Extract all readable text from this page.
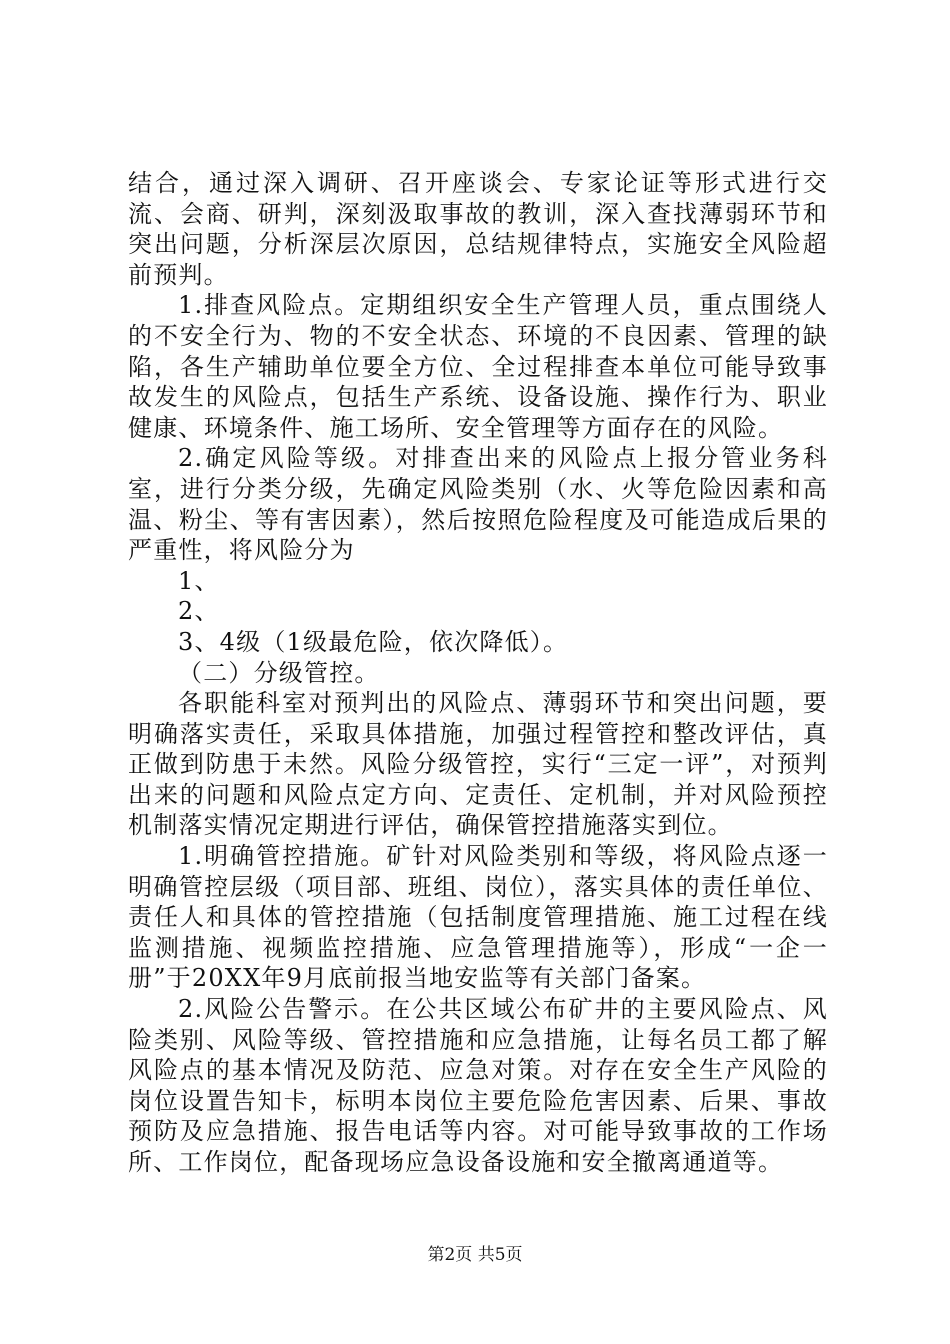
结合，通过深入调研、召开座谈会、专家论证等形式进行交流、会商、研判，深刻汲取事故的教训，深入查找薄弱环节和突出问题，分析深层次原因，总结规律特点，实施安全风险超前预判。

1.排查风险点。定期组织安全生产管理人员，重点围绕人的不安全行为、物的不安全状态、环境的不良因素、管理的缺陷，各生产辅助单位要全方位、全过程排查本单位可能导致事故发生的风险点，包括生产系统、设备设施、操作行为、职业健康、环境条件、施工场所、安全管理等方面存在的风险。

2.确定风险等级。对排查出来的风险点上报分管业务科室，进行分类分级，先确定风险类别（水、火等危险因素和高温、粉尘、等有害因素），然后按照危险程度及可能造成后果的严重性，将风险分为

1、

2、

3、4级（1级最危险，依次降低）。

（二）分级管控。

各职能科室对预判出的风险点、薄弱环节和突出问题，要明确落实责任，采取具体措施，加强过程管控和整改评估，真正做到防患于未然。风险分级管控，实行“三定一评”，对预判出来的问题和风险点定方向、定责任、定机制，并对风险预控机制落实情况定期进行评估，确保管控措施落实到位。

1.明确管控措施。矿针对风险类别和等级，将风险点逐一明确管控层级（项目部、班组、岗位），落实具体的责任单位、责任人和具体的管控措施（包括制度管理措施、施工过程在线监测措施、视频监控措施、应急管理措施等），形成“一企一册”于20XX年9月底前报当地安监等有关部门备案。

2.风险公告警示。在公共区域公布矿井的主要风险点、风险类别、风险等级、管控措施和应急措施，让每名员工都了解风险点的基本情况及防范、应急对策。对存在安全生产风险的岗位设置告知卡，标明本岗位主要危险危害因素、后果、事故预防及应急措施、报告电话等内容。对可能导致事故的工作场所、工作岗位，配备现场应急设备设施和安全撤离通道等。

第2页 共5页
